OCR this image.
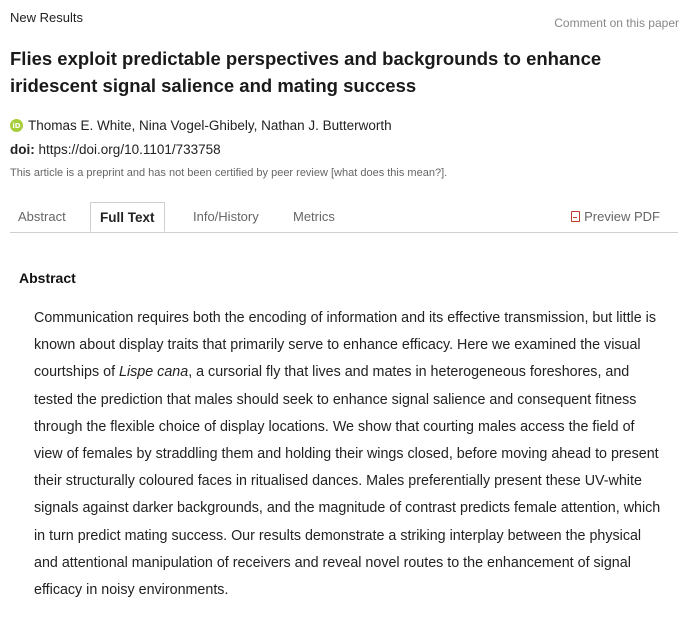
New Results	Comment on this paper
Flies exploit predictable perspectives and backgrounds to enhance iridescent signal salience and mating success
iD Thomas E. White, Nina Vogel-Ghibely, Nathan J. Butterworth
doi: https://doi.org/10.1101/733758
This article is a preprint and has not been certified by peer review [what does this mean?].
Abstract	Full Text	Info/History	Metrics	Preview PDF
Abstract
Communication requires both the encoding of information and its effective transmission, but little is known about display traits that primarily serve to enhance efficacy. Here we examined the visual courtships of Lispe cana, a cursorial fly that lives and mates in heterogeneous foreshores, and tested the prediction that males should seek to enhance signal salience and consequent fitness through the flexible choice of display locations. We show that courting males access the field of view of females by straddling them and holding their wings closed, before moving ahead to present their structurally coloured faces in ritualised dances. Males preferentially present these UV-white signals against darker backgrounds, and the magnitude of contrast predicts female attention, which in turn predict mating success. Our results demonstrate a striking interplay between the physical and attentional manipulation of receivers and reveal novel routes to the enhancement of signal efficacy in noisy environments.
